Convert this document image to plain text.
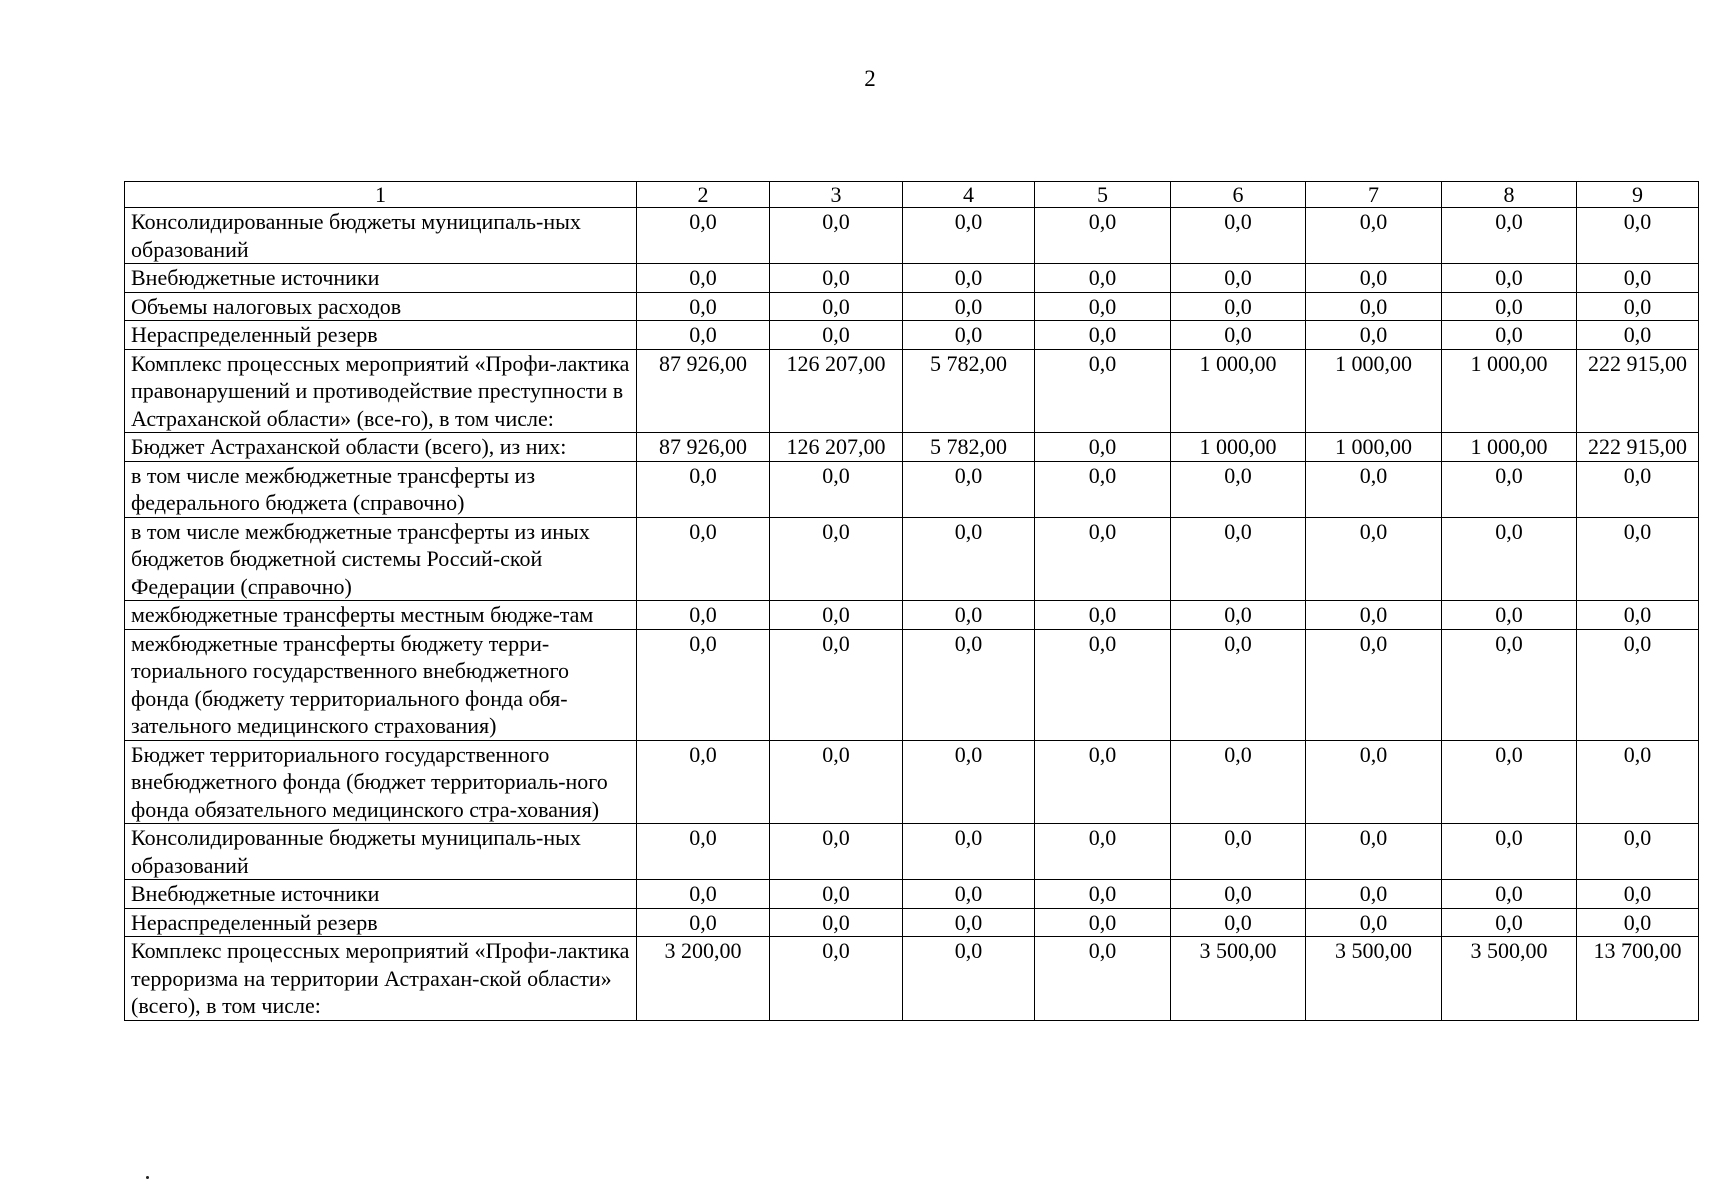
2
1	2	3	4	5	6	7	8	9
Консолидированные бюджеты муниципаль-ных образований	0,0	0,0	0,0	0,0	0,0	0,0	0,0	0,0
Внебюджетные источники	0,0	0,0	0,0	0,0	0,0	0,0	0,0	0,0
Объемы налоговых расходов	0,0	0,0	0,0	0,0	0,0	0,0	0,0	0,0
Нераспределенный резерв	0,0	0,0	0,0	0,0	0,0	0,0	0,0	0,0
Комплекс процессных мероприятий «Профи-лактика правонарушений и противодействие преступности в Астраханской области» (все-го), в том числе:	87 926,00	126 207,00	5 782,00	0,0	1 000,00	1 000,00	1 000,00	222 915,00
Бюджет Астраханской области (всего), из них:	87 926,00	126 207,00	5 782,00	0,0	1 000,00	1 000,00	1 000,00	222 915,00
в том числе межбюджетные трансферты из федерального бюджета (справочно)	0,0	0,0	0,0	0,0	0,0	0,0	0,0	0,0
в том числе межбюджетные трансферты из иных бюджетов бюджетной системы Россий-ской Федерации (справочно)	0,0	0,0	0,0	0,0	0,0	0,0	0,0	0,0
межбюджетные трансферты местным бюдже-там	0,0	0,0	0,0	0,0	0,0	0,0	0,0	0,0
межбюджетные трансферты бюджету терри-ториального государственного внебюджетного фонда (бюджету территориального фонда обя-зательного медицинского страхования)	0,0	0,0	0,0	0,0	0,0	0,0	0,0	0,0
Бюджет территориального государственного внебюджетного фонда (бюджет территориаль-ного фонда обязательного медицинского стра-хования)	0,0	0,0	0,0	0,0	0,0	0,0	0,0	0,0
Консолидированные бюджеты муниципаль-ных образований	0,0	0,0	0,0	0,0	0,0	0,0	0,0	0,0
Внебюджетные источники	0,0	0,0	0,0	0,0	0,0	0,0	0,0	0,0
Нераспределенный резерв	0,0	0,0	0,0	0,0	0,0	0,0	0,0	0,0
Комплекс процессных мероприятий «Профи-лактика терроризма на территории Астрахан-ской области» (всего), в том числе:	3 200,00	0,0	0,0	0,0	3 500,00	3 500,00	3 500,00	13 700,00
